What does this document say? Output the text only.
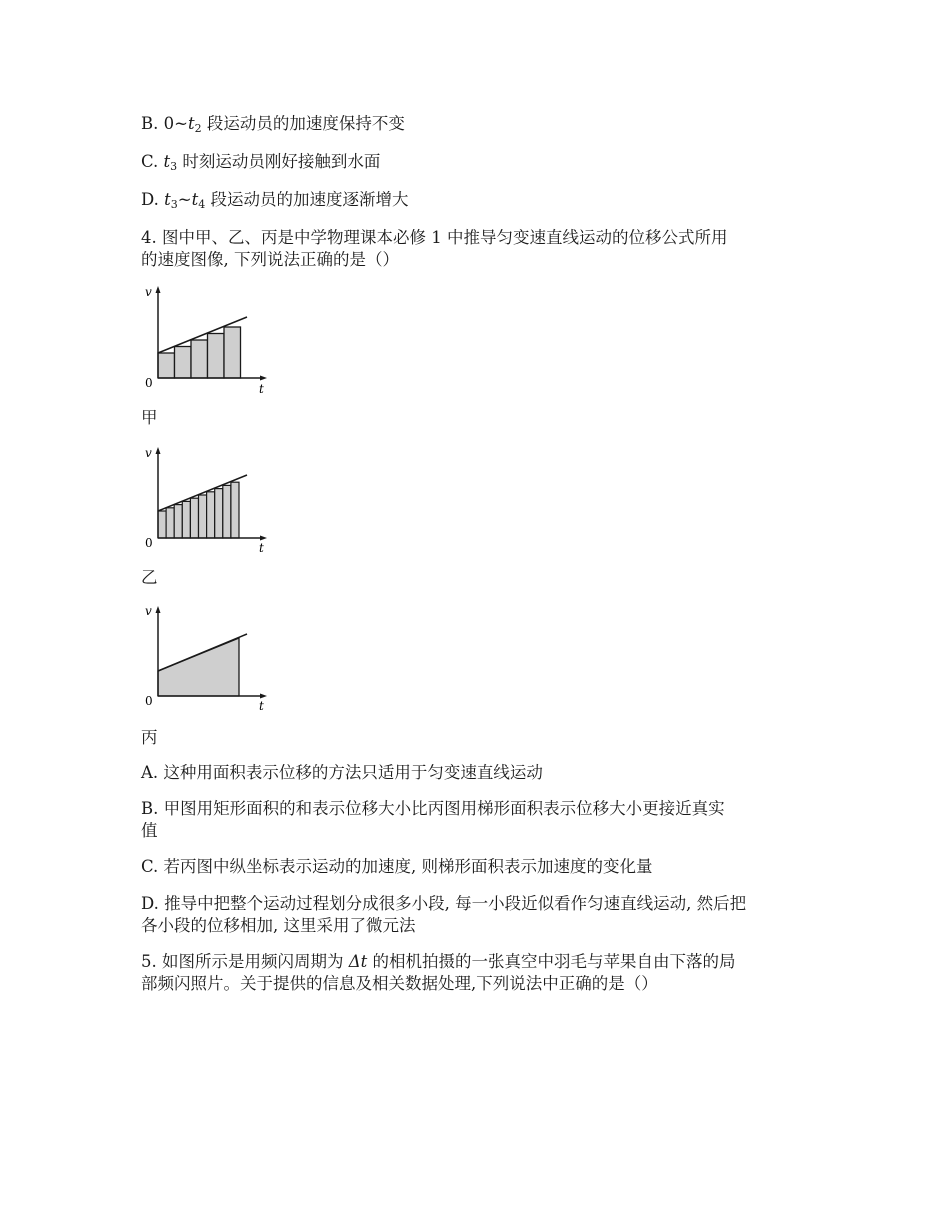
B. $0\sim t_2$ 段运动员的加速度保持不变
C. $t_3$ 时刻运动员刚好接触到水面
D. $t_3\sim t_4$ 段运动员的加速度逐渐增大
4. 图中甲、乙、丙是中学物理课本必修 1 中推导匀变速直线运动的位移公式所用
的速度图像, 下列说法正确的是（）
v
t
0
甲
v
t
0
乙
v
t
0
丙
A. 这种用面积表示位移的方法只适用于匀变速直线运动
B. 甲图用矩形面积的和表示位移大小比丙图用梯形面积表示位移大小更接近真实
值
C. 若丙图中纵坐标表示运动的加速度, 则梯形面积表示加速度的变化量
D. 推导中把整个运动过程划分成很多小段, 每一小段近似看作匀速直线运动, 然后把
各小段的位移相加, 这里采用了微元法
5. 如图所示是用频闪周期为 Δt 的相机拍摄的一张真空中羽毛与苹果自由下落的局
部频闪照片。关于提供的信息及相关数据处理,下列说法中正确的是（）
